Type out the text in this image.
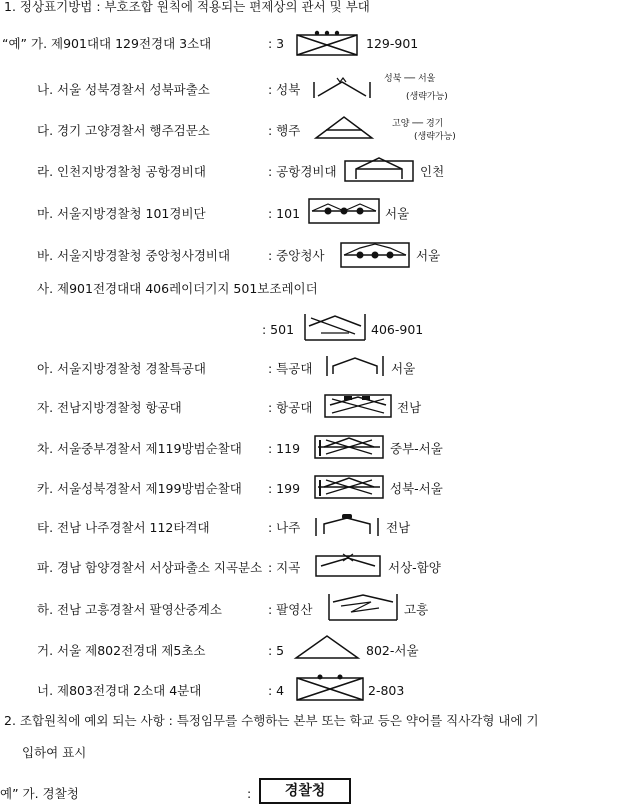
1. 정상표기방법 : 부호조합 원칙에 적용되는 편제상의 관서 및 부대
“예” 가. 제901대대 129전경대 3소대	: 3	129-901
나. 서울 성북경찰서 성북파출소	: 성북
성북 ── 서울
(생략가능)
다. 경기 고양경찰서 행주검문소	: 행주	고양 ── 경기
(생략가능)
라. 인천지방경찰청 공항경비대	: 공항경비대	인천
마. 서울지방경찰청 101경비단	: 101	서울
바. 서울지방경찰청 중앙청사경비대	: 중앙청사	서울
사. 제901전경대대 406레이더기지 501보조레이더
: 501	406-901
아. 서울지방경찰청 경찰특공대	: 특공대	서울
자. 전남지방경찰청 항공대	: 항공대	전남
차. 서울중부경찰서 제119방범순찰대 : 119	중부-서울
카. 서울성북경찰서 제199방범순찰대 : 199	성북-서울
타. 전남 나주경찰서 112타격대	: 나주	전남
파. 경남 함양경찰서 서상파출소 지곡분소 : 지곡	서상-함양
하. 전남 고흥경찰서 팔영산중계소	: 팔영산	고흥
거. 서울 제802전경대 제5초소	: 5	802-서울
너. 제803전경대 2소대 4분대	: 4	2-803
2. 조합원칙에 예외 되는 사항 : 특정임무를 수행하는 본부 또는 학교 등은 약어를 직사각형 내에 기
입하여 표시
예” 가. 경찰청	:	경찰청
